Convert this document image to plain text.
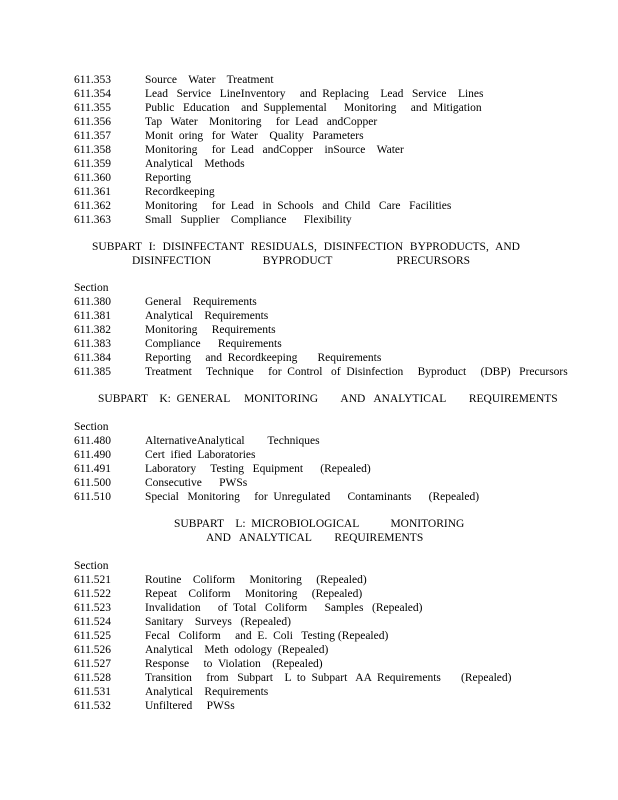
611.353	Source    Water    Treatment
611.354	Lead   Service   LineInventory     and  Replacing    Lead   Service    Lines
611.355	Public   Education    and  Supplemental      Monitoring     and  Mitigation
611.356	Tap   Water    Monitoring     for  Lead   andCopper
611.357	Monit  oring   for  Water    Quality   Parameters
611.358	Monitoring     for  Lead   andCopper    inSource    Water
611.359	Analytical    Methods
611.360	Reporting
611.361	Recordkeeping
611.362	Monitoring     for  Lead   in  Schools   and  Child   Care   Facilities
611.363	Small   Supplier    Compliance      Flexibility
SUBPART I: DISINFECTANT RESIDUALS, DISINFECTION BYPRODUCTS, AND
DISINFECTION    BYPRODUCT     PRECURSORS
Section
611.380	General    Requirements
611.381	Analytical    Requirements
611.382	Monitoring     Requirements
611.383	Compliance      Requirements
611.384	Reporting     and  Recordkeeping       Requirements
611.385	Treatment     Technique     for  Control   of  Disinfection     Byproduct     (DBP)   Precursors
SUBPART    K:  GENERAL     MONITORING        AND   ANALYTICAL        REQUIREMENTS
Section
611.480	AlternativeAnalytical        Techniques
611.490	Cert  ified  Laboratories
611.491	Laboratory     Testing   Equipment      (Repealed)
611.500	Consecutive      PWSs
611.510	Special   Monitoring     for  Unregulated      Contaminants      (Repealed)
SUBPART    L:  MICROBIOLOGICAL           MONITORING
AND   ANALYTICAL        REQUIREMENTS
Section
611.521	Routine    Coliform     Monitoring     (Repealed)
611.522	Repeat    Coliform     Monitoring     (Repealed)
611.523	Invalidation      of  Total   Coliform      Samples   (Repealed)
611.524	Sanitary    Surveys   (Repealed)
611.525	Fecal   Coliform     and  E.  Coli   Testing (Repealed)
611.526	Analytical    Meth  odology  (Repealed)
611.527	Response     to  Violation    (Repealed)
611.528	Transition     from   Subpart    L  to  Subpart   AA  Requirements       (Repealed)
611.531	Analytical    Requirements
611.532	Unfiltered     PWSs
